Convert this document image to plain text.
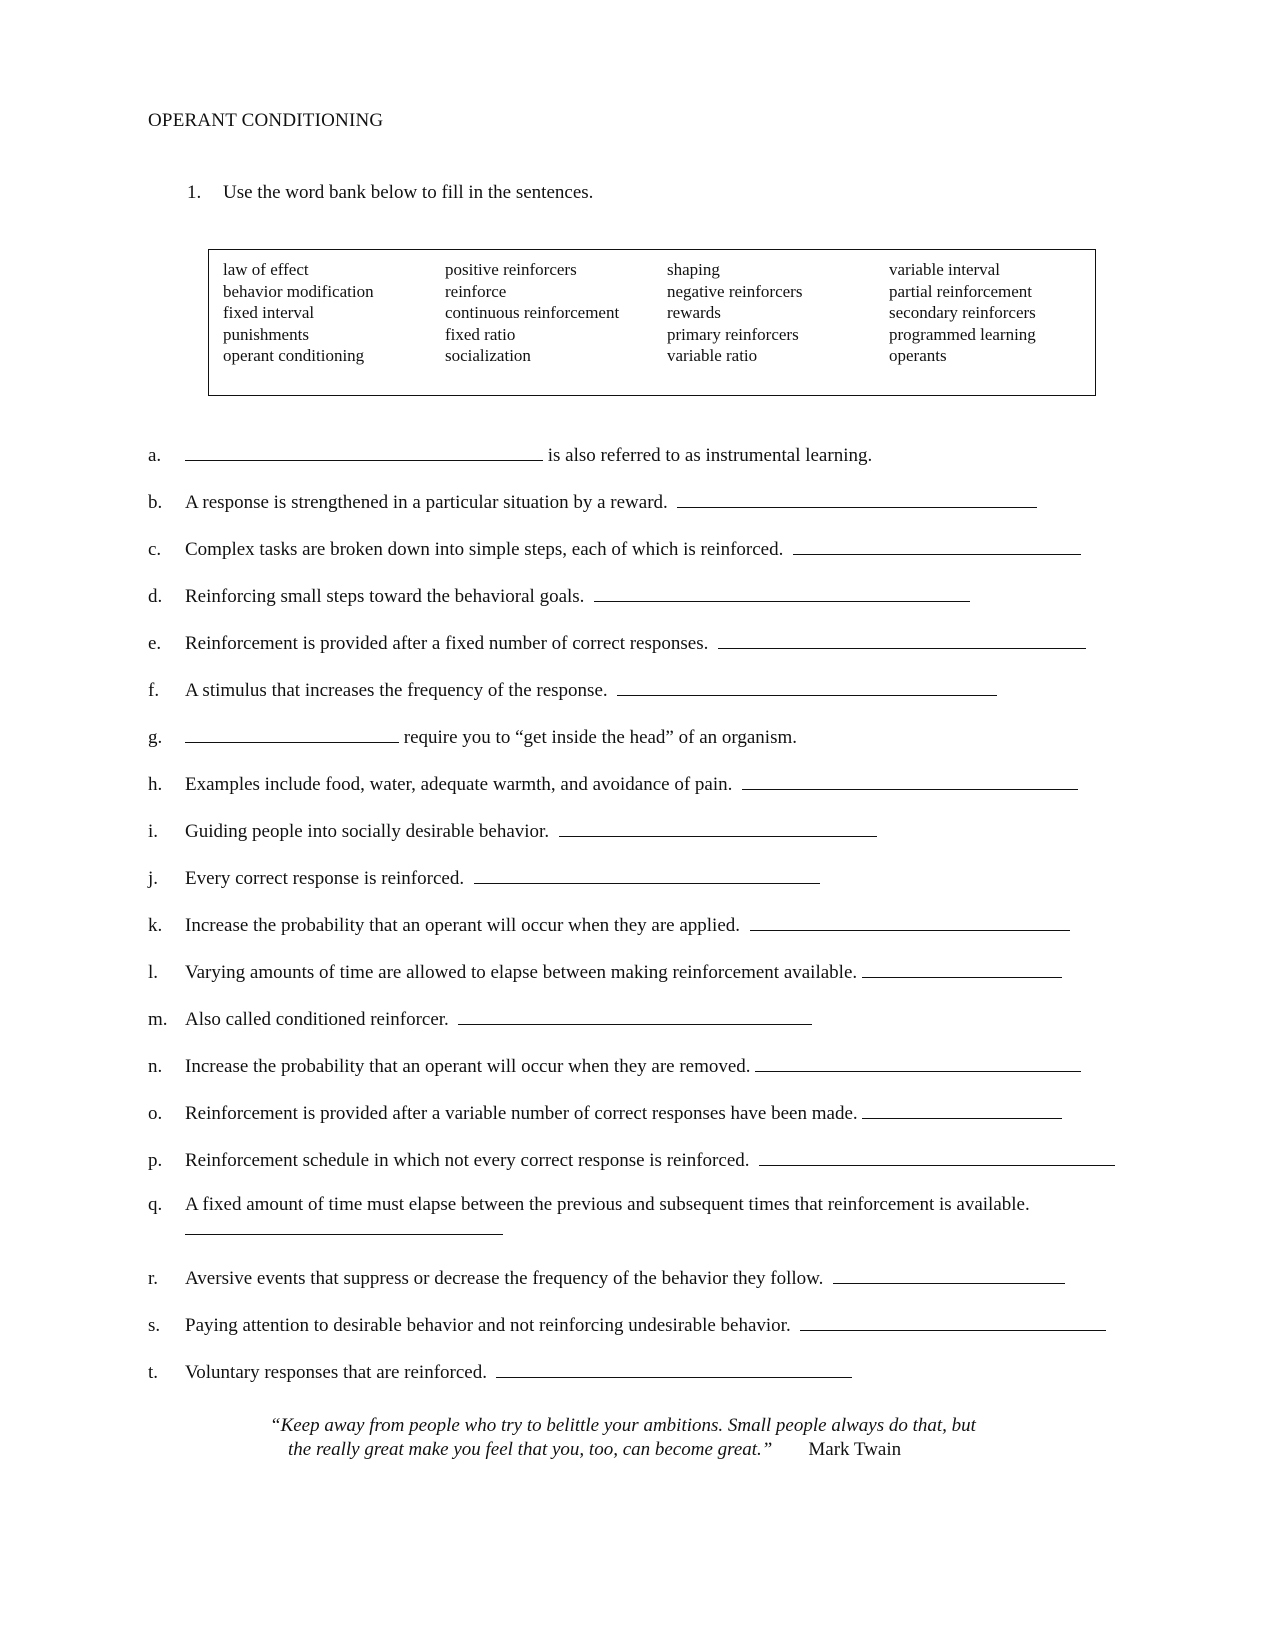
OPERANT CONDITIONING
1. Use the word bank below to fill in the sentences.
law of effect
behavior modification
fixed interval
punishments
operant conditioning
positive reinforcers
reinforce
continuous reinforcement
fixed ratio
socialization
shaping
negative reinforcers
rewards
primary reinforcers
variable ratio
variable interval
partial reinforcement
secondary reinforcers
programmed learning
operants
a.	is also referred to as instrumental learning.
b. A response is strengthened in a particular situation by a reward.
c. Complex tasks are broken down into simple steps, each of which is reinforced.
d. Reinforcing small steps toward the behavioral goals.
e. Reinforcement is provided after a fixed number of correct responses.
f. A stimulus that increases the frequency of the response.
g.	require you to “get inside the head” of an organism.
h. Examples include food, water, adequate warmth, and avoidance of pain.
i. Guiding people into socially desirable behavior.
j. Every correct response is reinforced.
k. Increase the probability that an operant will occur when they are applied.
l. Varying amounts of time are allowed to elapse between making reinforcement available.
m. Also called conditioned reinforcer.
n. Increase the probability that an operant will occur when they are removed.
o. Reinforcement is provided after a variable number of correct responses have been made.
p. Reinforcement schedule in which not every correct response is reinforced.
q. A fixed amount of time must elapse between the previous and subsequent times that reinforcement is available.
r. Aversive events that suppress or decrease the frequency of the behavior they follow.
s. Paying attention to desirable behavior and not reinforcing undesirable behavior.
t. Voluntary responses that are reinforced.
“Keep away from people who try to belittle your ambitions. Small people always do that, but
the really great make you feel that you, too, can become great.” Mark Twain
